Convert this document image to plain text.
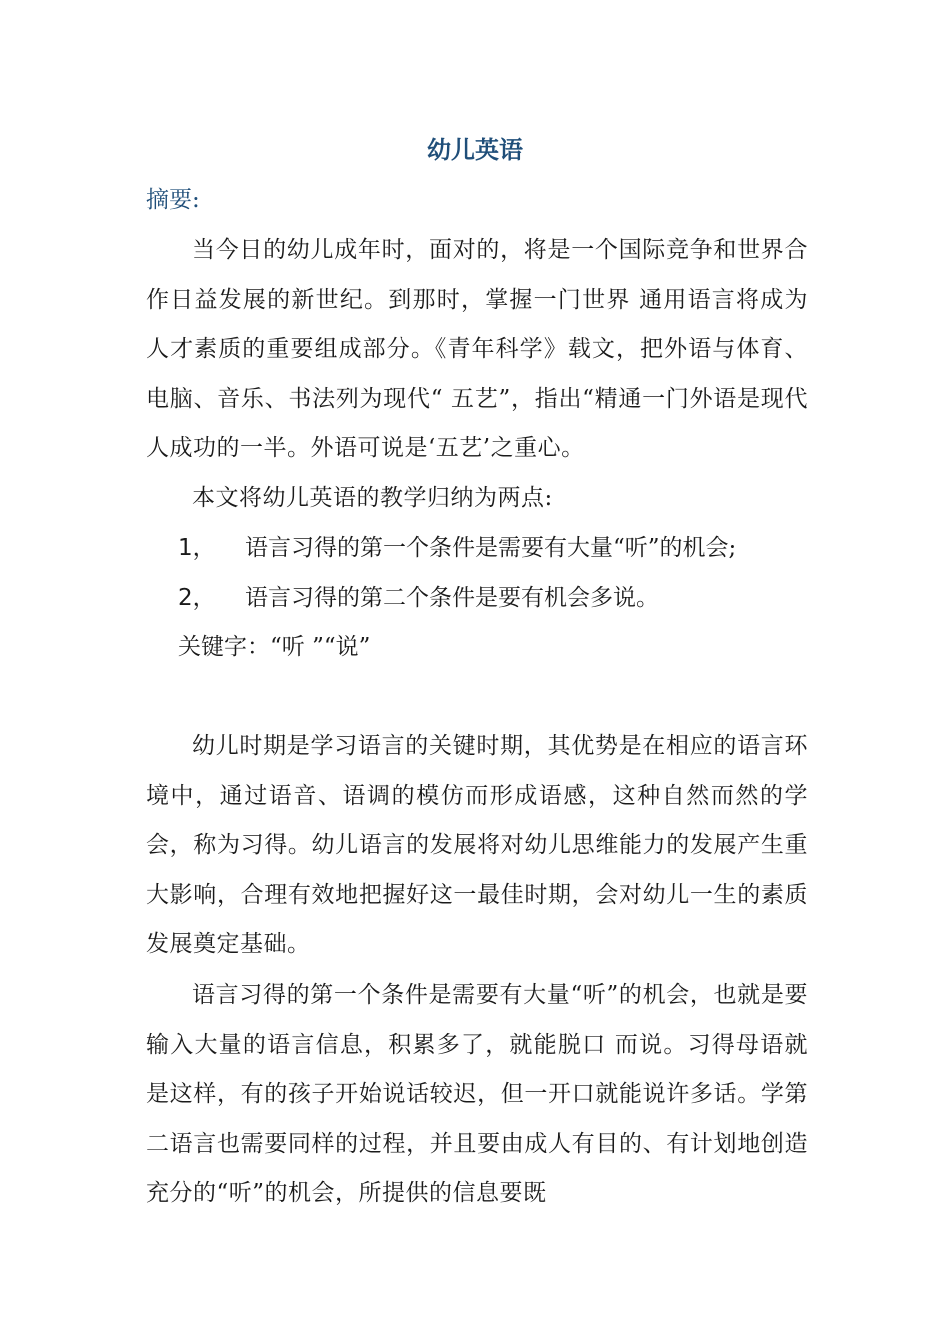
幼儿英语
摘要:

当今日的幼儿成年时，面对的，将是一个国际竞争和世界合作日益发展的新世纪。到那时，掌握一门世界 通用语言将成为人才素质的重要组成部分。《青年科学》载文，把外语与体育、电脑、音乐、书法列为现代“ 五艺”，指出“精通一门外语是现代人成功的一半。外语可说是‘五艺’之重心。

本文将幼儿英语的教学归纳为两点:

1，	语言习得的第一个条件是需要有大量“听”的机会;
2，	语言习得的第二个条件是要有机会多说。
关键字：“听 ”“说”

幼儿时期是学习语言的关键时期，其优势是在相应的语言环境中，通过语音、语调的模仿而形成语感，这种自然而然的学会，称为习得。幼儿语言的发展将对幼儿思维能力的发展产生重大影响，合理有效地把握好这一最佳时期，会对幼儿一生的素质发展奠定基础。

语言习得的第一个条件是需要有大量“听”的机会，也就是要输入大量的语言信息，积累多了，就能脱口 而说。习得母语就是这样，有的孩子开始说话较迟，但一开口就能说许多话。学第二语言也需要同样的过程，并且要由成人有目的、有计划地创造充分的“听”的机会，所提供的信息要既
